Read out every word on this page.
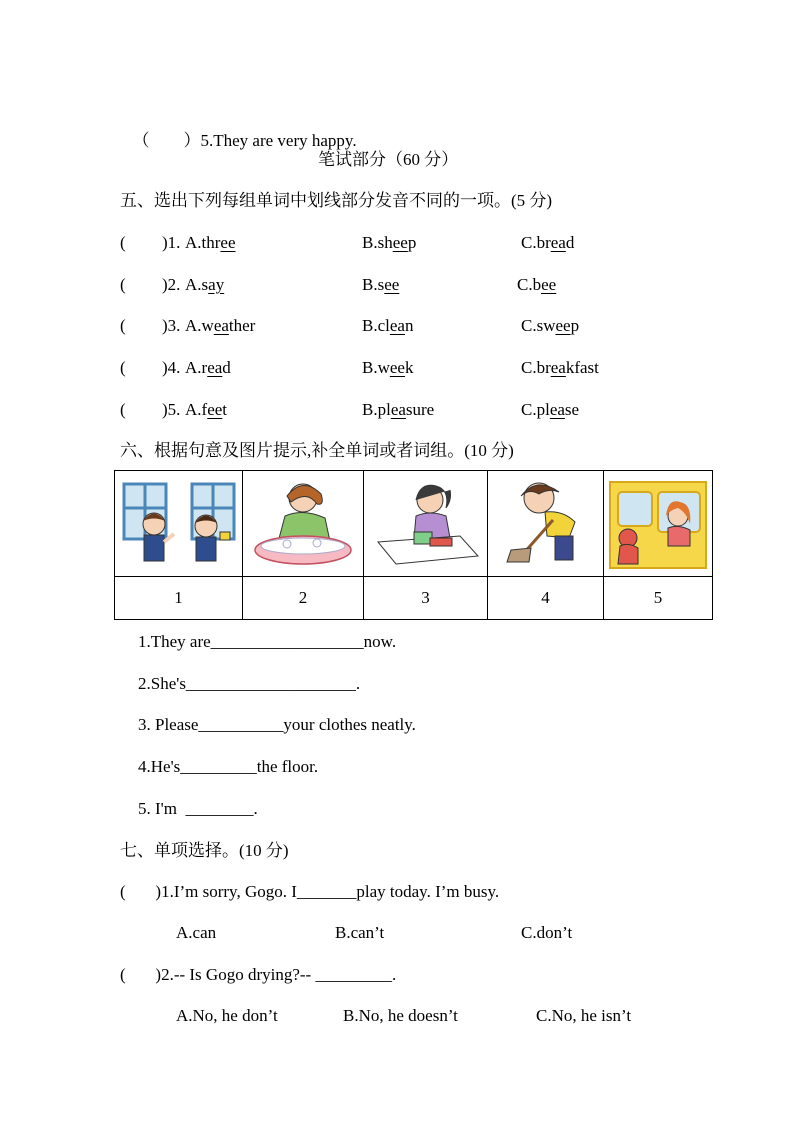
（　　）5.They are very happy.

笔试部分（60 分）
五、选出下列每组单词中划线部分发音不同的一项。(5 分)
( )1. A.three	B.sheep	C.bread
( )2. A.say	B.see	C.bee
( )3. A.weather	B.clean	C.sweep
( )4. A.read	B.week	C.breakfast
( )5. A.feet	B.pleasure	C.please
六、根据句意及图片提示,补全单词或者词组。(10 分)

1	2	3	4	5
1.They are__________________now.
2.She's____________________.
3. Please__________your clothes neatly.
4.He's_________the floor.
5. I'm  ________.
七、单项选择。(10 分)
(       )1.I’m sorry, Gogo. I_______play today. I’m busy.
A.can	B.can’t	C.don’t
(       )2.-- Is Gogo drying?-- _________.
A.No, he don’t	B.No, he doesn’t	C.No, he isn’t
